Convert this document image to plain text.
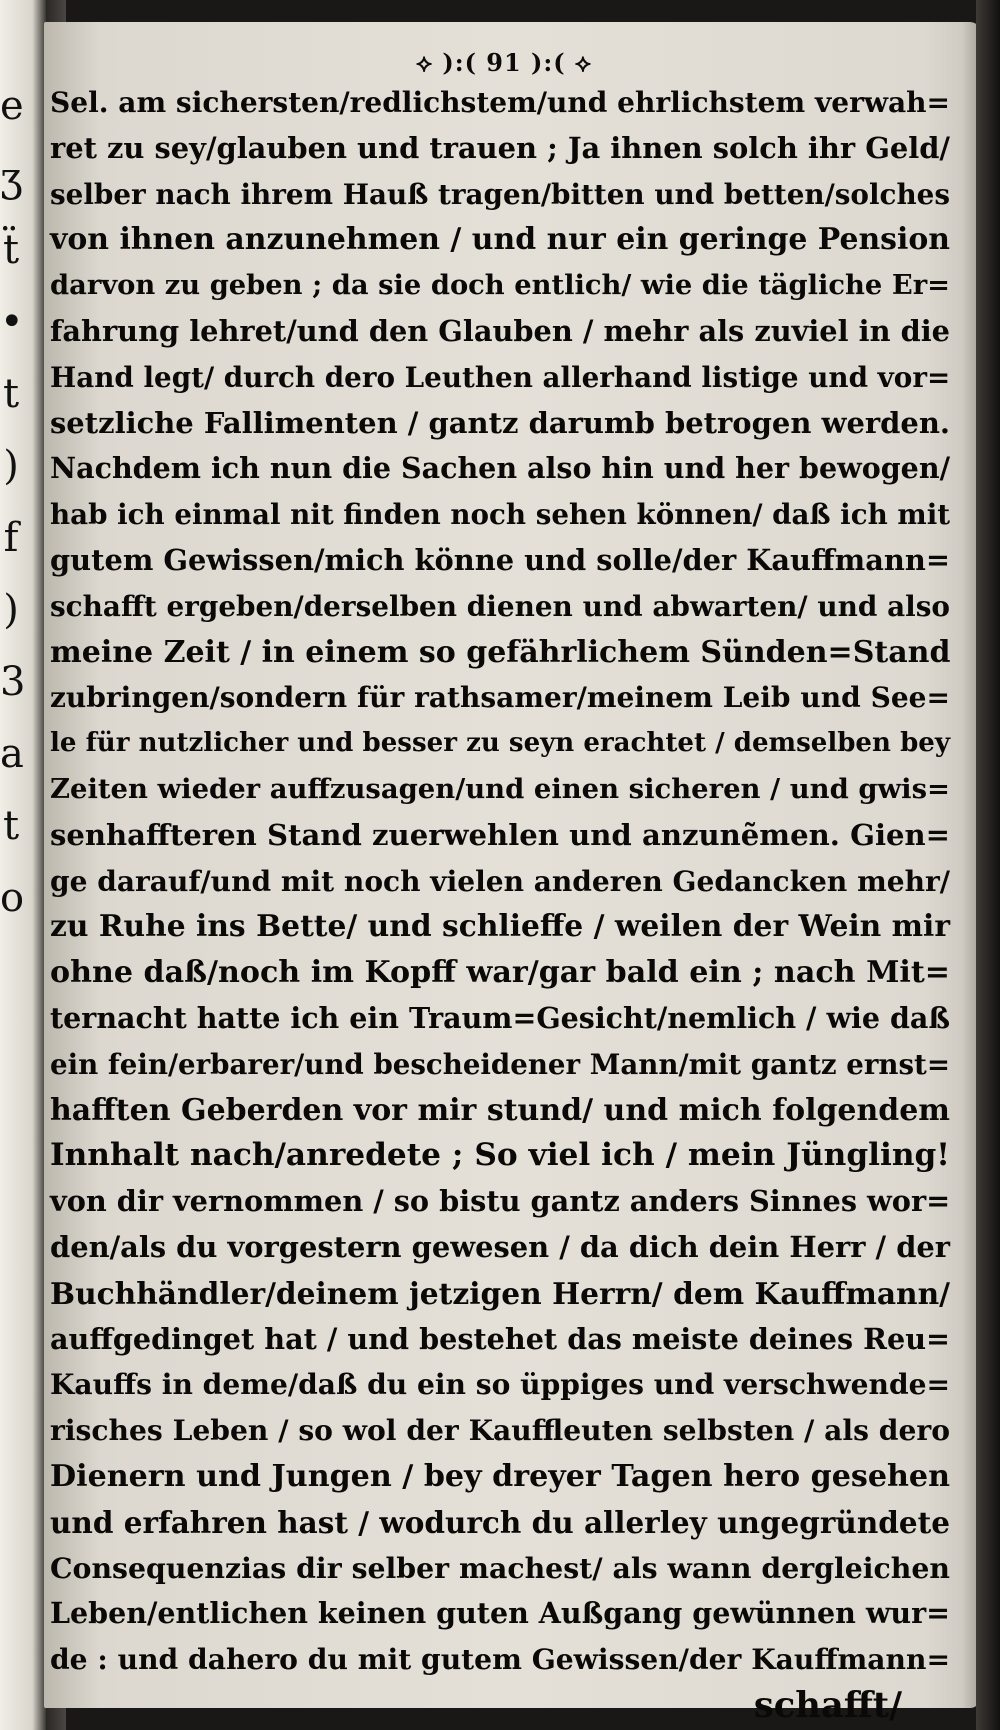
e
ʒ
ẗ
•
t
)
f
)
3
a
t
o
⟡ ):( 91 ):( ⟡
Sel. am sichersten/redlichstem/und ehrlichstem verwah=
ret zu sey/glauben und trauen ; Ja ihnen solch ihr Geld/
selber nach ihrem Hauß tragen/bitten und betten/solches
von ihnen anzunehmen / und nur ein geringe Pension
darvon zu geben ; da sie doch entlich/ wie die tägliche Er=
fahrung lehret/und den Glauben / mehr als zuviel in die
Hand legt/ durch dero Leuthen allerhand listige und vor=
setzliche Fallimenten / gantz darumb betrogen werden.
Nachdem ich nun die Sachen also hin und her bewogen/
hab ich einmal nit finden noch sehen können/ daß ich mit
gutem Gewissen/mich könne und solle/der Kauffmann=
schafft ergeben/derselben dienen und abwarten/ und also
meine Zeit / in einem so gefährlichem Sünden=Stand
zubringen/sondern für rathsamer/meinem Leib und See=
le für nutzlicher und besser zu seyn erachtet / demselben bey
Zeiten wieder auffzusagen/und einen sicheren / und gwis=
senhaffteren Stand zuerwehlen und anzunẽmen. Gien=
ge darauf/und mit noch vielen anderen Gedancken mehr/
zu Ruhe ins Bette/ und schlieffe / weilen der Wein mir
ohne daß/noch im Kopff war/gar bald ein ; nach Mit=
ternacht hatte ich ein Traum=Gesicht/nemlich / wie daß
ein fein/erbarer/und bescheidener Mann/mit gantz ernst=
hafften Geberden vor mir stund/ und mich folgendem
Innhalt nach/anredete ; So viel ich / mein Jüngling!
von dir vernommen / so bistu gantz anders Sinnes wor=
den/als du vorgestern gewesen / da dich dein Herr / der
Buchhändler/deinem jetzigen Herrn/ dem Kauffmann/
auffgedinget hat / und bestehet das meiste deines Reu=
Kauffs in deme/daß du ein so üppiges und verschwende=
risches Leben / so wol der Kauffleuten selbsten / als dero
Dienern und Jungen / bey dreyer Tagen hero gesehen
und erfahren hast / wodurch du allerley ungegründete
Consequenzias dir selber machest/ als wann dergleichen
Leben/entlichen keinen guten Außgang gewünnen wur=
de : und dahero du mit gutem Gewissen/der Kauffmann=
schafft/
